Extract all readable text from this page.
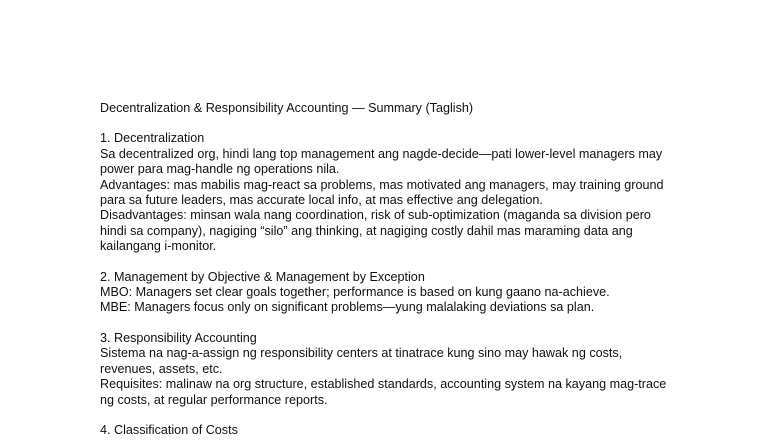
Decentralization & Responsibility Accounting — Summary (Taglish)

1. Decentralization

Sa decentralized org, hindi lang top management ang nagde-decide—pati lower-level managers may
power para mag-handle ng operations nila.

Advantages: mas mabilis mag-react sa problems, mas motivated ang managers, may training ground
para sa future leaders, mas accurate local info, at mas effective ang delegation.

Disadvantages: minsan wala nang coordination, risk of sub-optimization (maganda sa division pero
hindi sa company), nagiging “silo” ang thinking, at nagiging costly dahil mas maraming data ang
kailangang i-monitor.

2. Management by Objective & Management by Exception

MBO: Managers set clear goals together; performance is based on kung gaano na-achieve.

MBE: Managers focus only on significant problems—yung malalaking deviations sa plan.

3. Responsibility Accounting

Sistema na nag-a-assign ng responsibility centers at tinatrace kung sino may hawak ng costs,
revenues, assets, etc.

Requisites: malinaw na org structure, established standards, accounting system na kayang mag-trace
ng costs, at regular performance reports.

4. Classification of Costs
